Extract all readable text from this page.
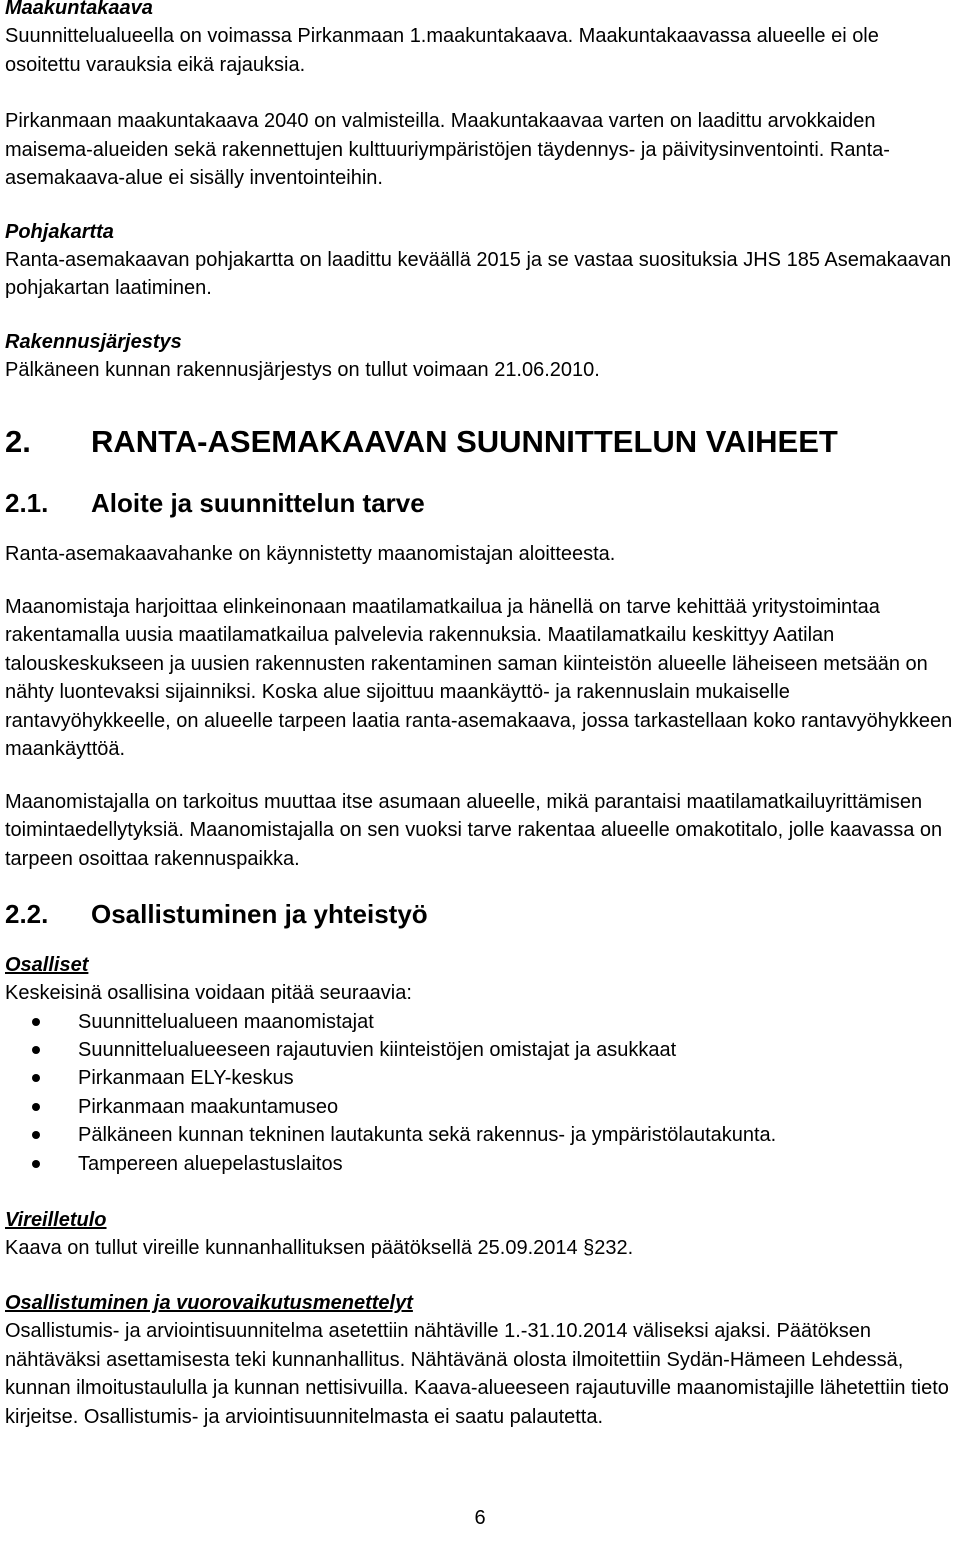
Maakuntakaava

Suunnittelualueella on voimassa Pirkanmaan 1.maakuntakaava. Maakuntakaavassa alueelle ei ole osoitettu varauksia eikä rajauksia.

Pirkanmaan maakuntakaava 2040 on valmisteilla. Maakuntakaavaa varten on laadittu arvokkaiden maisema-alueiden sekä rakennettujen kulttuuriympäristöjen täydennys- ja päivitysinventointi. Ranta-asemakaava-alue ei sisälly inventointeihin.

Pohjakartta

Ranta-asemakaavan pohjakartta on laadittu keväällä 2015 ja se vastaa suosituksia JHS 185 Asemakaavan pohjakartan laatiminen.

Rakennusjärjestys

Pälkäneen kunnan rakennusjärjestys on tullut voimaan 21.06.2010.

2.	RANTA-ASEMAKAAVAN SUUNNITTELUN VAIHEET
2.1.	Aloite ja suunnittelun tarve

Ranta-asemakaavahanke on käynnistetty maanomistajan aloitteesta.

Maanomistaja harjoittaa elinkeinonaan maatilamatkailua ja hänellä on tarve kehittää yritystoimintaa rakentamalla uusia maatilamatkailua palvelevia rakennuksia. Maatilamatkailu keskittyy Aatilan talouskeskukseen ja uusien rakennusten rakentaminen saman kiinteistön alueelle läheiseen metsään on nähty luontevaksi sijainniksi. Koska alue sijoittuu maankäyttö- ja rakennuslain mukaiselle rantavyöhykkeelle, on alueelle tarpeen laatia ranta-asemakaava, jossa tarkastellaan koko rantavyöhykkeen maankäyttöä.

Maanomistajalla on tarkoitus muuttaa itse asumaan alueelle, mikä parantaisi maatilamatkailuyrittämisen toimintaedellytyksiä. Maanomistajalla on sen vuoksi tarve rakentaa alueelle omakotitalo, jolle kaavassa on tarpeen osoittaa rakennuspaikka.

2.2.	Osallistuminen ja yhteistyö

Osalliset

Keskeisinä osallisina voidaan pitää seuraavia:

Suunnittelualueen maanomistajat
Suunnittelualueeseen rajautuvien kiinteistöjen omistajat ja asukkaat
Pirkanmaan ELY-keskus
Pirkanmaan maakuntamuseo
Pälkäneen kunnan tekninen lautakunta sekä rakennus- ja ympäristölautakunta.
Tampereen aluepelastuslaitos

Vireilletulo

Kaava on tullut vireille kunnanhallituksen päätöksellä 25.09.2014 §232.

Osallistuminen ja vuorovaikutusmenettelyt

Osallistumis- ja arviointisuunnitelma asetettiin nähtäville 1.-31.10.2014 väliseksi ajaksi. Päätöksen nähtäväksi asettamisesta teki kunnanhallitus. Nähtävänä olosta ilmoitettiin Sydän-Hämeen Lehdessä, kunnan ilmoitustaululla ja kunnan nettisivuilla. Kaava-alueeseen rajautuville maanomistajille lähetettiin tieto kirjeitse. Osallistumis- ja arviointisuunnitelmasta ei saatu palautetta.

6
